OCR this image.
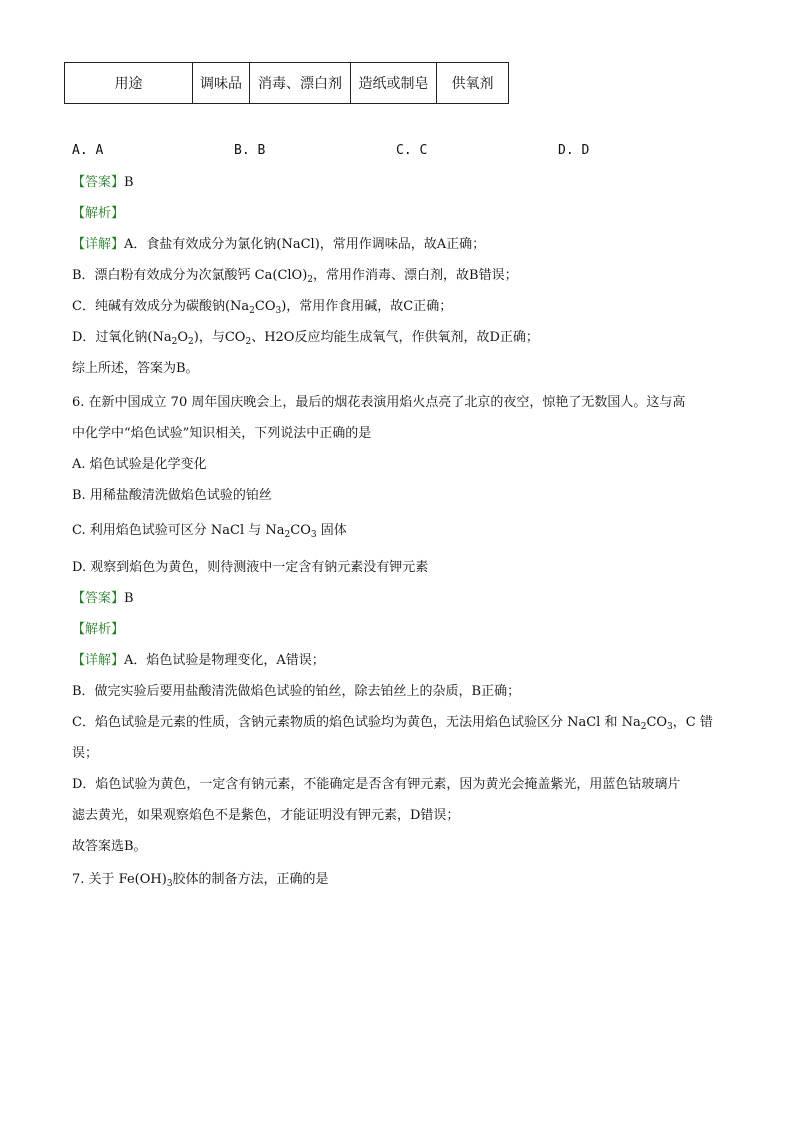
用途	调味品	消毒、漂白剂	造纸或制皂	供氧剂
A. A	B. B	C. C	D. D
【答案】B
【解析】
【详解】A．食盐有效成分为氯化钠(NaCl)，常用作调味品，故A正确；
B．漂白粉有效成分为次氯酸钙 $Ca(ClO)_2$，常用作消毒、漂白剂，故B错误；
C．纯碱有效成分为碳酸钠$(Na_2CO_3)$，常用作食用碱，故C正确；
D．过氧化钠$(Na_2O_2)$，与$CO_2$、H2O反应均能生成氧气，作供氧剂，故D正确；
综上所述，答案为B。
6. 在新中国成立 70 周年国庆晚会上，最后的烟花表演用焰火点亮了北京的夜空，惊艳了无数国人。这与高
中化学中“焰色试验”知识相关，下列说法中正确的是
A. 焰色试验是化学变化
B. 用稀盐酸清洗做焰色试验的铂丝
C. 利用焰色试验可区分 NaCl 与 $Na_2CO_3$ 固体
D. 观察到焰色为黄色，则待测液中一定含有钠元素没有钾元素
【答案】B
【解析】
【详解】A．焰色试验是物理变化，A错误；
B．做完实验后要用盐酸清洗做焰色试验的铂丝，除去铂丝上的杂质，B正确；
C．焰色试验是元素的性质，含钠元素物质的焰色试验均为黄色，无法用焰色试验区分 NaCl 和 $Na_2CO_3$，C 错
误；
D．焰色试验为黄色，一定含有钠元素，不能确定是否含有钾元素，因为黄光会掩盖紫光，用蓝色钴玻璃片
滤去黄光，如果观察焰色不是紫色，才能证明没有钾元素，D错误；
故答案选B。
7. 关于 $Fe(OH)_3$胶体的制备方法，正确的是
